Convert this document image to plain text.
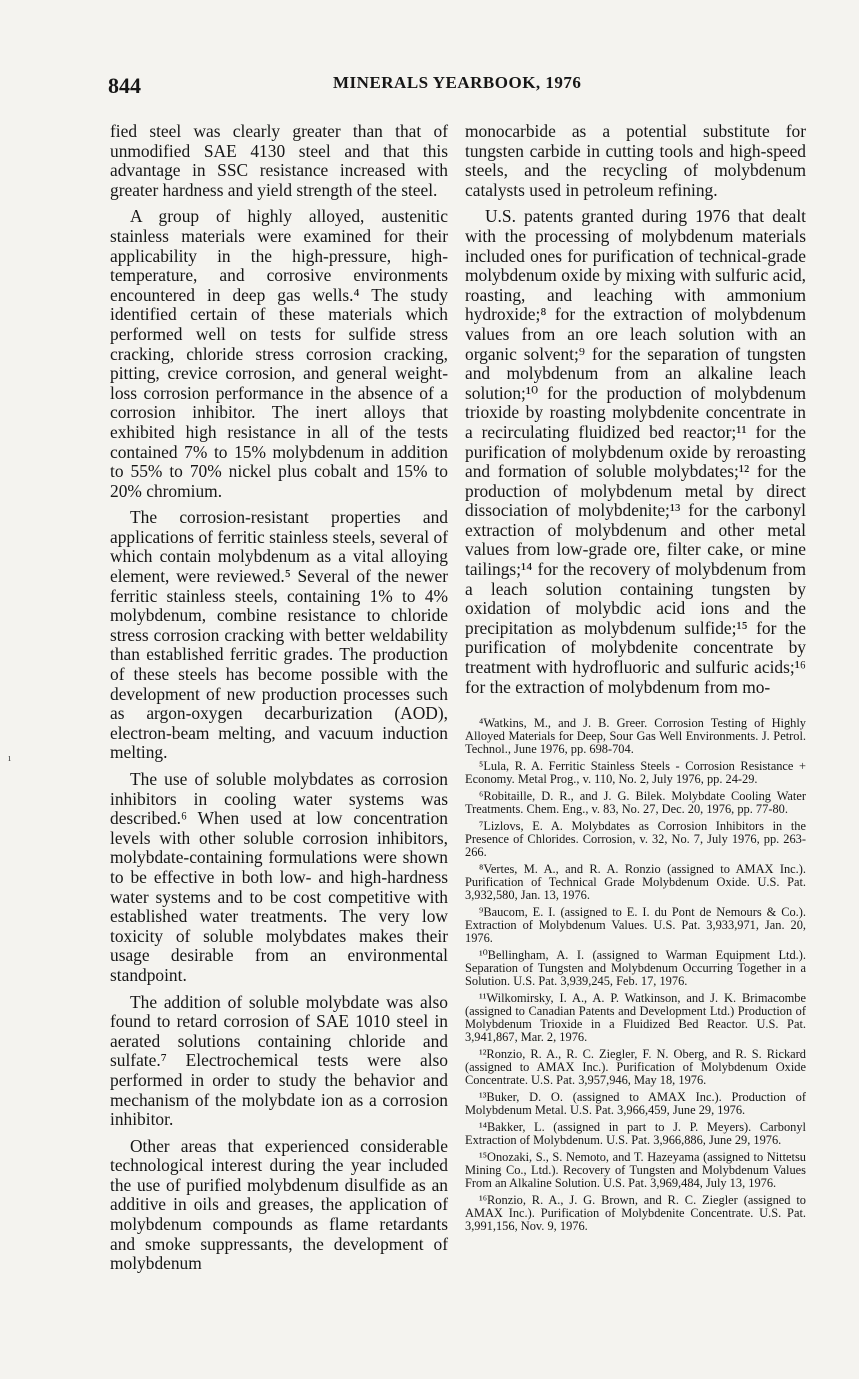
844	MINERALS YEARBOOK, 1976
ı

fied steel was clearly greater than that of unmodified SAE 4130 steel and that this advantage in SSC resistance increased with greater hardness and yield strength of the steel.

A group of highly alloyed, austenitic stainless materials were examined for their applicability in the high-pressure, high-temperature, and corrosive environments encountered in deep gas wells.⁴ The study identified certain of these materials which performed well on tests for sulfide stress cracking, chloride stress corrosion cracking, pitting, crevice corrosion, and general weight-loss corrosion performance in the absence of a corrosion inhibitor. The inert alloys that exhibited high resistance in all of the tests contained 7% to 15% molybdenum in addition to 55% to 70% nickel plus cobalt and 15% to 20% chromium.

The corrosion-resistant properties and applications of ferritic stainless steels, several of which contain molybdenum as a vital alloying element, were reviewed.⁵ Several of the newer ferritic stainless steels, containing 1% to 4% molybdenum, combine resistance to chloride stress corrosion cracking with better weldability than established ferritic grades. The production of these steels has become possible with the development of new production processes such as argon-oxygen decarburization (AOD), electron-beam melting, and vacuum induction melting.

The use of soluble molybdates as corrosion inhibitors in cooling water systems was described.⁶ When used at low concentration levels with other soluble corrosion inhibitors, molybdate-containing formulations were shown to be effective in both low- and high-hardness water systems and to be cost competitive with established water treatments. The very low toxicity of soluble molybdates makes their usage desirable from an environmental standpoint.

The addition of soluble molybdate was also found to retard corrosion of SAE 1010 steel in aerated solutions containing chloride and sulfate.⁷ Electrochemical tests were also performed in order to study the behavior and mechanism of the molybdate ion as a corrosion inhibitor.

Other areas that experienced considerable technological interest during the year included the use of purified molybdenum disulfide as an additive in oils and greases, the application of molybdenum compounds as flame retardants and smoke suppressants, the development of molybdenum

monocarbide as a potential substitute for tungsten carbide in cutting tools and high-speed steels, and the recycling of molybdenum catalysts used in petroleum refining.

U.S. patents granted during 1976 that dealt with the processing of molybdenum materials included ones for purification of technical-grade molybdenum oxide by mixing with sulfuric acid, roasting, and leaching with ammonium hydroxide;⁸ for the extraction of molybdenum values from an ore leach solution with an organic solvent;⁹ for the separation of tungsten and molybdenum from an alkaline leach solution;¹⁰ for the production of molybdenum trioxide by roasting molybdenite concentrate in a recirculating fluidized bed reactor;¹¹ for the purification of molybdenum oxide by reroasting and formation of soluble molybdates;¹² for the production of molybdenum metal by direct dissociation of molybdenite;¹³ for the carbonyl extraction of molybdenum and other metal values from low-grade ore, filter cake, or mine tailings;¹⁴ for the recovery of molybdenum from a leach solution containing tungsten by oxidation of molybdic acid ions and the precipitation as molybdenum sulfide;¹⁵ for the purification of molybdenite concentrate by treatment with hydrofluoric and sulfuric acids;¹⁶ for the extraction of molybdenum from mo-

⁴Watkins, M., and J. B. Greer. Corrosion Testing of Highly Alloyed Materials for Deep, Sour Gas Well Environments. J. Petrol. Technol., June 1976, pp. 698-704.

⁵Lula, R. A. Ferritic Stainless Steels - Corrosion Resistance + Economy. Metal Prog., v. 110, No. 2, July 1976, pp. 24-29.

⁶Robitaille, D. R., and J. G. Bilek. Molybdate Cooling Water Treatments. Chem. Eng., v. 83, No. 27, Dec. 20, 1976, pp. 77-80.

⁷Lizlovs, E. A. Molybdates as Corrosion Inhibitors in the Presence of Chlorides. Corrosion, v. 32, No. 7, July 1976, pp. 263-266.

⁸Vertes, M. A., and R. A. Ronzio (assigned to AMAX Inc.). Purification of Technical Grade Molybdenum Oxide. U.S. Pat. 3,932,580, Jan. 13, 1976.

⁹Baucom, E. I. (assigned to E. I. du Pont de Nemours & Co.). Extraction of Molybdenum Values. U.S. Pat. 3,933,971, Jan. 20, 1976.

¹⁰Bellingham, A. I. (assigned to Warman Equipment Ltd.). Separation of Tungsten and Molybdenum Occurring Together in a Solution. U.S. Pat. 3,939,245, Feb. 17, 1976.

¹¹Wilkomirsky, I. A., A. P. Watkinson, and J. K. Brimacombe (assigned to Canadian Patents and Development Ltd.) Production of Molybdenum Trioxide in a Fluidized Bed Reactor. U.S. Pat. 3,941,867, Mar. 2, 1976.

¹²Ronzio, R. A., R. C. Ziegler, F. N. Oberg, and R. S. Rickard (assigned to AMAX Inc.). Purification of Molybdenum Oxide Concentrate. U.S. Pat. 3,957,946, May 18, 1976.

¹³Buker, D. O. (assigned to AMAX Inc.). Production of Molybdenum Metal. U.S. Pat. 3,966,459, June 29, 1976.

¹⁴Bakker, L. (assigned in part to J. P. Meyers). Carbonyl Extraction of Molybdenum. U.S. Pat. 3,966,886, June 29, 1976.

¹⁵Onozaki, S., S. Nemoto, and T. Hazeyama (assigned to Nittetsu Mining Co., Ltd.). Recovery of Tungsten and Molybdenum Values From an Alkaline Solution. U.S. Pat. 3,969,484, July 13, 1976.

¹⁶Ronzio, R. A., J. G. Brown, and R. C. Ziegler (assigned to AMAX Inc.). Purification of Molybdenite Concentrate. U.S. Pat. 3,991,156, Nov. 9, 1976.
